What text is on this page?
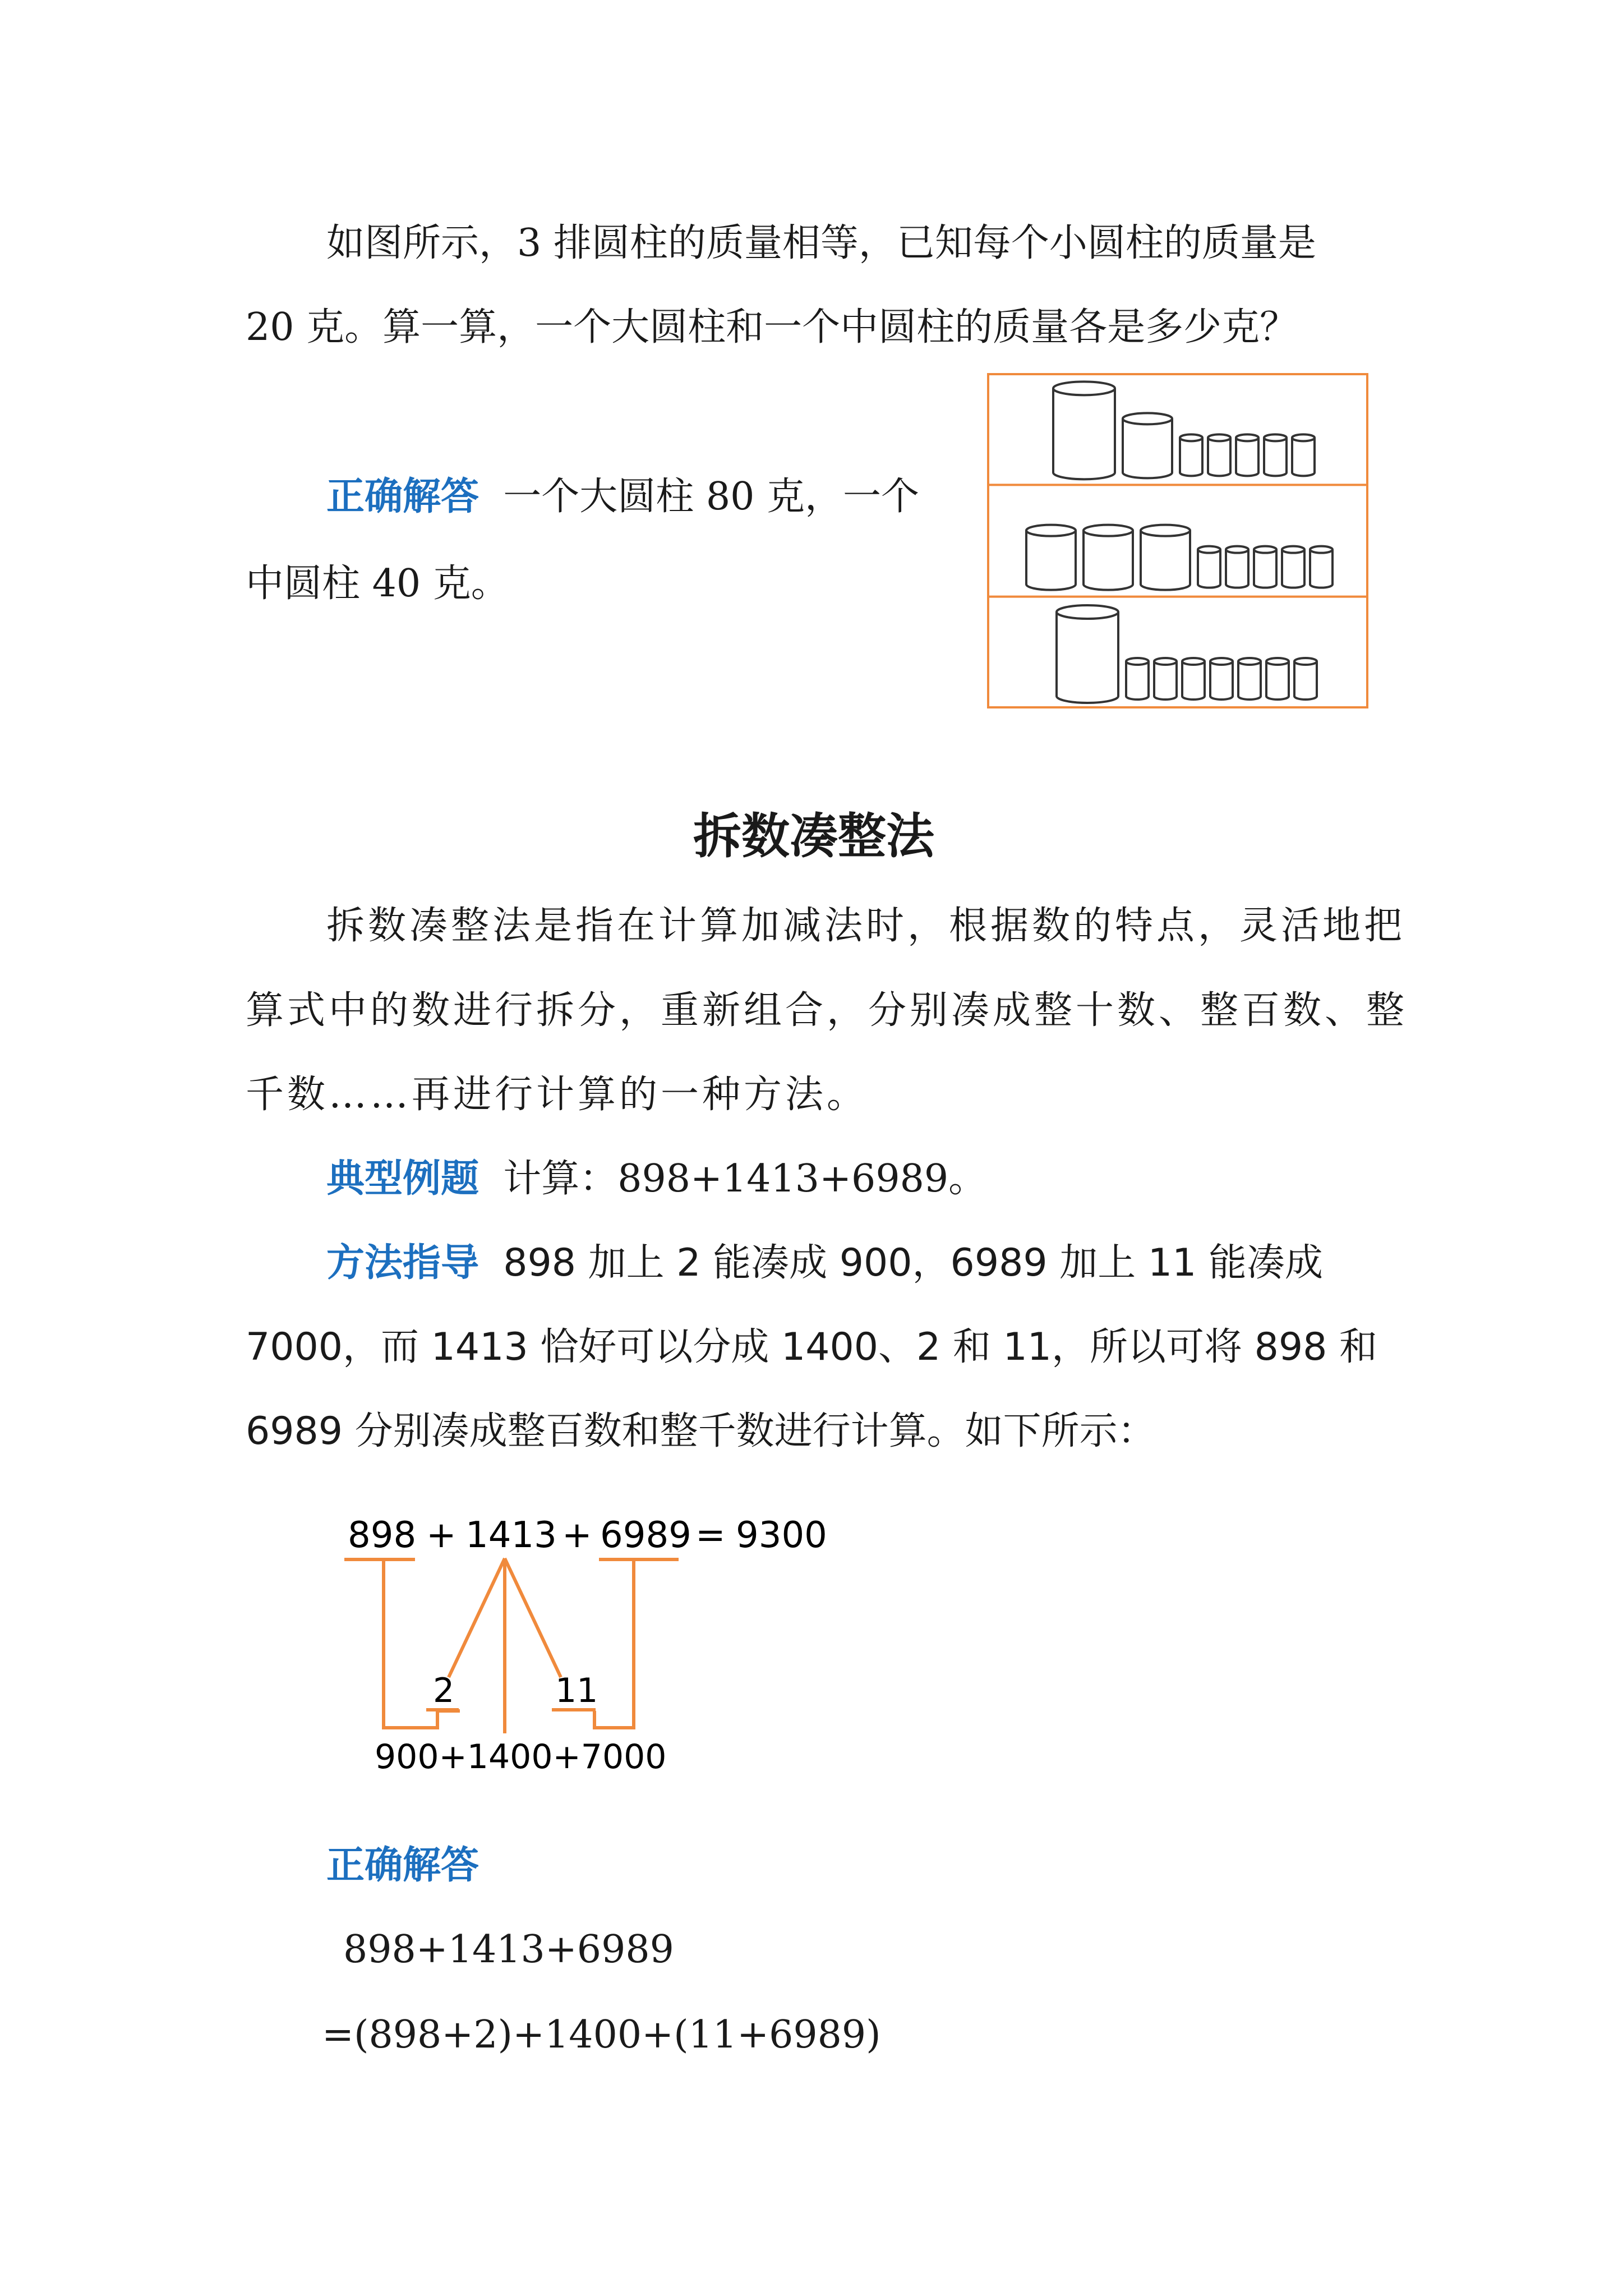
如图所示，3 排圆柱的质量相等，已知每个小圆柱的质量是

20 克。算一算，一个大圆柱和一个中圆柱的质量各是多少克？

正确解答 一个大圆柱 80 克，一个

中圆柱 40 克。

拆数凑整法

拆数凑整法是指在计算加减法时，根据数的特点，灵活地把

算式中的数进行拆分，重新组合，分别凑成整十数、整百数、整

千数……再进行计算的一种方法。

典型例题 计算：898+1413+6989。

方法指导 898 加上 2 能凑成 900，6989 加上 11 能凑成

7000，而 1413 恰好可以分成 1400、2 和 11，所以可将 898 和

6989 分别凑成整百数和整千数进行计算。如下所示：

898 + 1413 + 6989 = 9300
2	11
900+1400+7000

正确解答

898+1413+6989

=(898+2)+1400+(11+6989)
